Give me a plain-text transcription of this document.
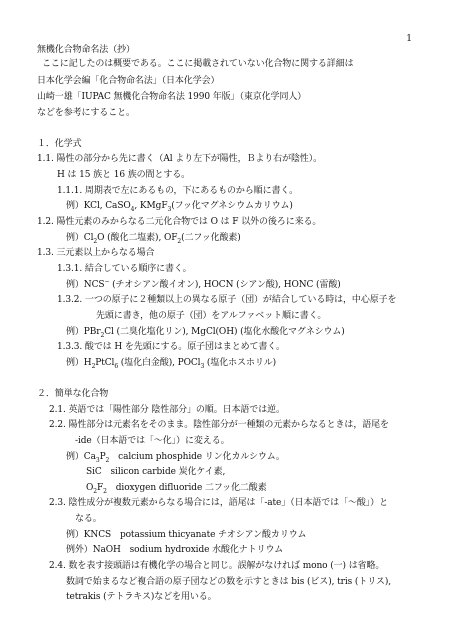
1
無機化合物命名法（抄）
ここに記したのは概要である。ここに掲載されていない化合物に関する詳細は
日本化学会編「化合物命名法」（日本化学会）
山崎一雄「IUPAC 無機化合物命名法 1990 年版」（東京化学同人）
などを参考にすること。
１．化学式
1.1. 陽性の部分から先に書く（Al より左下が陽性，Ｂより右が陰性）。
H は 15 族と 16 族の間とする。
1.1.1. 周期表で左にあるもの，下にあるものから順に書く。
例）KCl, CaSO$_4$, KMgF$_3$(フッ化マグネシウムカリウム)
1.2. 陽性元素のみからなる二元化合物では O は F 以外の後ろに来る。
例）$Cl_2O$ (酸化二塩素), $OF_2$(二フッ化酸素)
1.3. 三元素以上からなる場合
1.3.1. 結合している順序に書く。
例）NCS− (チオシアン酸イオン), HOCN (シアン酸), HONC (雷酸)
1.3.2. 一つの原子に２種類以上の異なる原子（団）が結合している時は，中心原子を
先頭に書き，他の原子（団）をアルファベット順に書く。
例）PBr$_2$Cl (二臭化塩化リン), MgCl(OH) (塩化水酸化マグネシウム)
1.3.3. 酸では H を先頭にする。原子団はまとめて書く。
例）$H_2PtCl_6$ (塩化白金酸), POCl$_3$ (塩化ホスホリル)
２．簡単な化合物
2.1. 英語では「陽性部分 陰性部分」の順。日本語では逆。
2.2. 陽性部分は元素名をそのまま。陰性部分が一種類の元素からなるときは，語尾を
-ide（日本語では「～化」）に変える。
例）$Ca_3P_2$　calcium phosphide リン化カルシウム。
SiC　silicon carbide 炭化ケイ素,
$O_2F_2$　dioxygen difluoride 二フッ化二酸素
2.3. 陰性成分が複数元素からなる場合には，語尾は「-ate」（日本語では「～酸」）と
なる。
例）KNCS　potassium thicyanate チオシアン酸カリウム
例外）NaOH　sodium hydroxide 水酸化ナトリウム
2.4. 数を表す接頭語は有機化学の場合と同じ。誤解がなければ mono (一) は省略。
数詞で始まるなど複合語の原子団などの数を示すときは bis (ビス), tris (トリス),
tetrakis (テトラキス)などを用いる。
